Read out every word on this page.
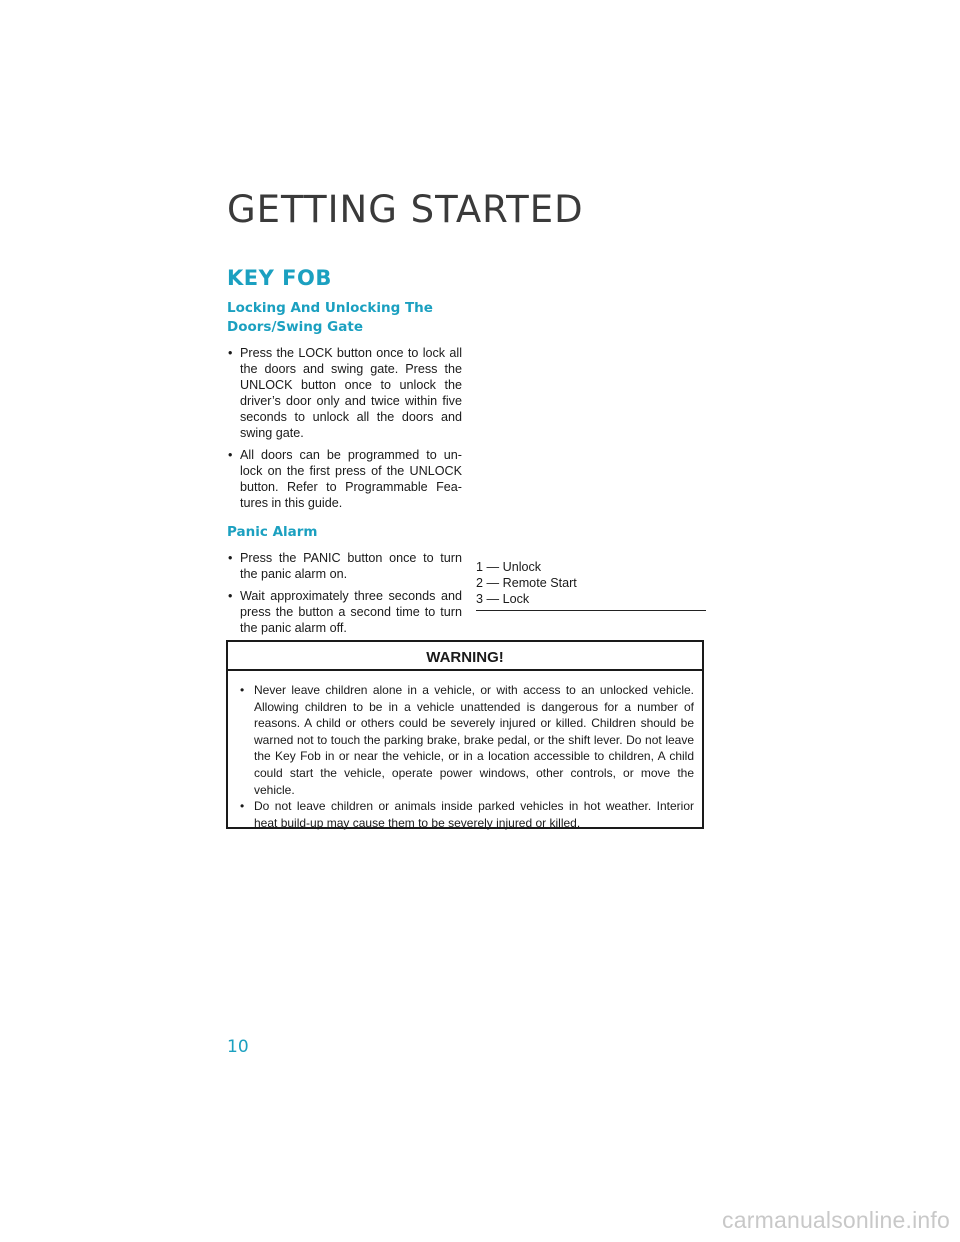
GETTING STARTED
KEY FOB
Locking And Unlocking The Doors/Swing Gate
• Press the LOCK button once to lock all the doors and swing gate. Press the UNLOCK button once to unlock the driver’s door only and twice within five seconds to unlock all the doors and swing gate.
• All doors can be programmed to un-lock on the first press of the UNLOCK button. Refer to Programmable Fea-tures in this guide.
Panic Alarm
• Press the PANIC button once to turn the panic alarm on.
• Wait approximately three seconds and press the button a second time to turn the panic alarm off.
1 — Unlock
2 — Remote Start
3 — Lock
WARNING!
• Never leave children alone in a vehicle, or with access to an unlocked vehicle. Allowing children to be in a vehicle unattended is dangerous for a number of reasons. A child or others could be severely injured or killed. Children should be warned not to touch the parking brake, brake pedal, or the shift lever. Do not leave the Key Fob in or near the vehicle, or in a location accessible to children, A child could start the vehicle, operate power windows, other controls, or move the vehicle.
• Do not leave children or animals inside parked vehicles in hot weather. Interior heat build-up may cause them to be severely injured or killed.
10
carmanualsonline.info
